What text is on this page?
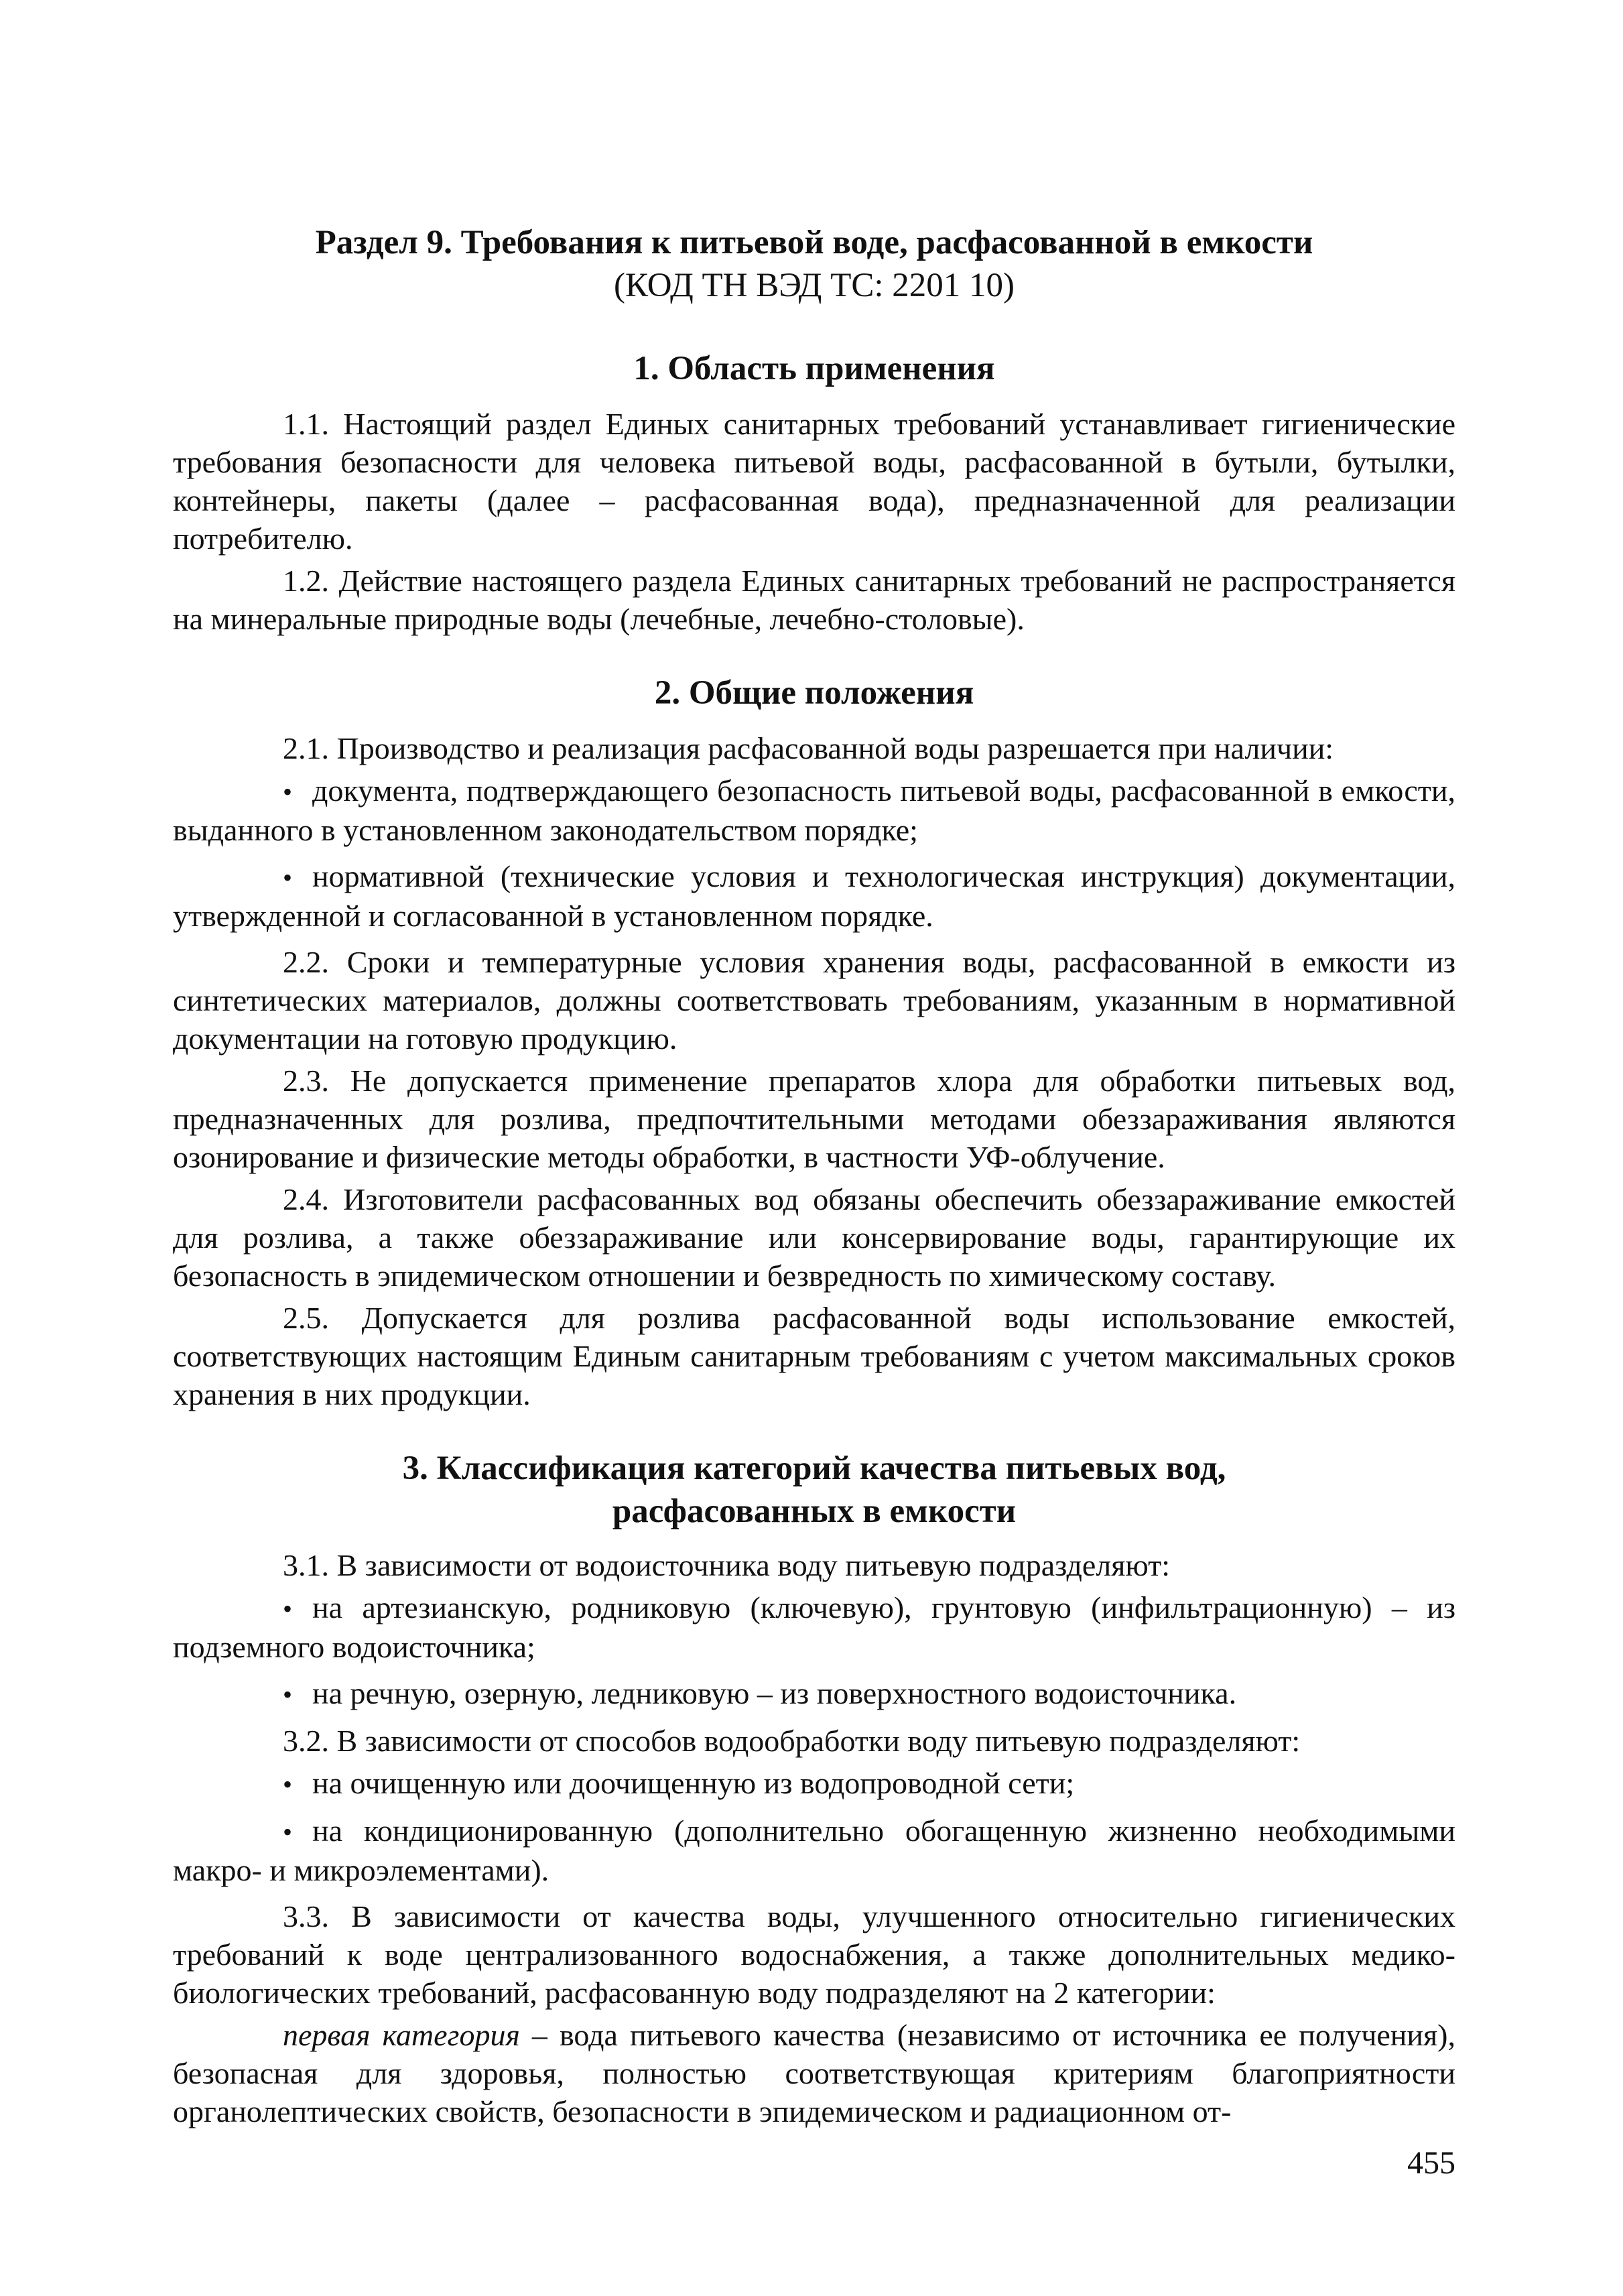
Раздел 9. Требования к питьевой воде, расфасованной в емкости

(КОД ТН ВЭД ТС: 2201 10)

1. Область применения

1.1. Настоящий раздел Единых санитарных требований устанавливает гигиенические требования безопасности для человека питьевой воды, расфасованной в бутыли, бутылки, контейнеры, пакеты (далее – расфасованная вода), предназначенной для реализации потребителю.

1.2. Действие настоящего раздела Единых санитарных требований не распространяется на минеральные природные воды (лечебные, лечебно-столовые).

2. Общие положения

2.1. Производство и реализация расфасованной воды разрешается при наличии:

• документа, подтверждающего безопасность питьевой воды, расфасованной в емкости, выданного в установленном законодательством порядке;

• нормативной (технические условия и технологическая инструкция) документации, утвержденной и согласованной в установленном порядке.

2.2. Сроки и температурные условия хранения воды, расфасованной в емкости из синтетических материалов, должны соответствовать требованиям, указанным в нормативной документации на готовую продукцию.

2.3. Не допускается применение препаратов хлора для обработки питьевых вод, предназначенных для розлива, предпочтительными методами обеззараживания являются озонирование и физические методы обработки, в частности УФ-облучение.

2.4. Изготовители расфасованных вод обязаны обеспечить обеззараживание емкостей для розлива, а также обеззараживание или консервирование воды, гарантирующие их безопасность в эпидемическом отношении и безвредность по химическому составу.

2.5. Допускается для розлива расфасованной воды использование емкостей, соответствующих настоящим Единым санитарным требованиям с учетом максимальных сроков хранения в них продукции.

3. Классификация категорий качества питьевых вод,
расфасованных в емкости

3.1. В зависимости от водоисточника воду питьевую подразделяют:

• на артезианскую, родниковую (ключевую), грунтовую (инфильтрационную) – из подземного водоисточника;

• на речную, озерную, ледниковую – из поверхностного водоисточника.

3.2. В зависимости от способов водообработки воду питьевую подразделяют:

• на очищенную или доочищенную из водопроводной сети;

• на кондиционированную (дополнительно обогащенную жизненно необходимыми макро- и микроэлементами).

3.3. В зависимости от качества воды, улучшенного относительно гигиенических требований к воде централизованного водоснабжения, а также дополнительных медико-биологических требований, расфасованную воду подразделяют на 2 категории:

первая категория – вода питьевого качества (независимо от источника ее получения), безопасная для здоровья, полностью соответствующая критериям благоприятности органолептических свойств, безопасности в эпидемическом и радиационном от-

455
